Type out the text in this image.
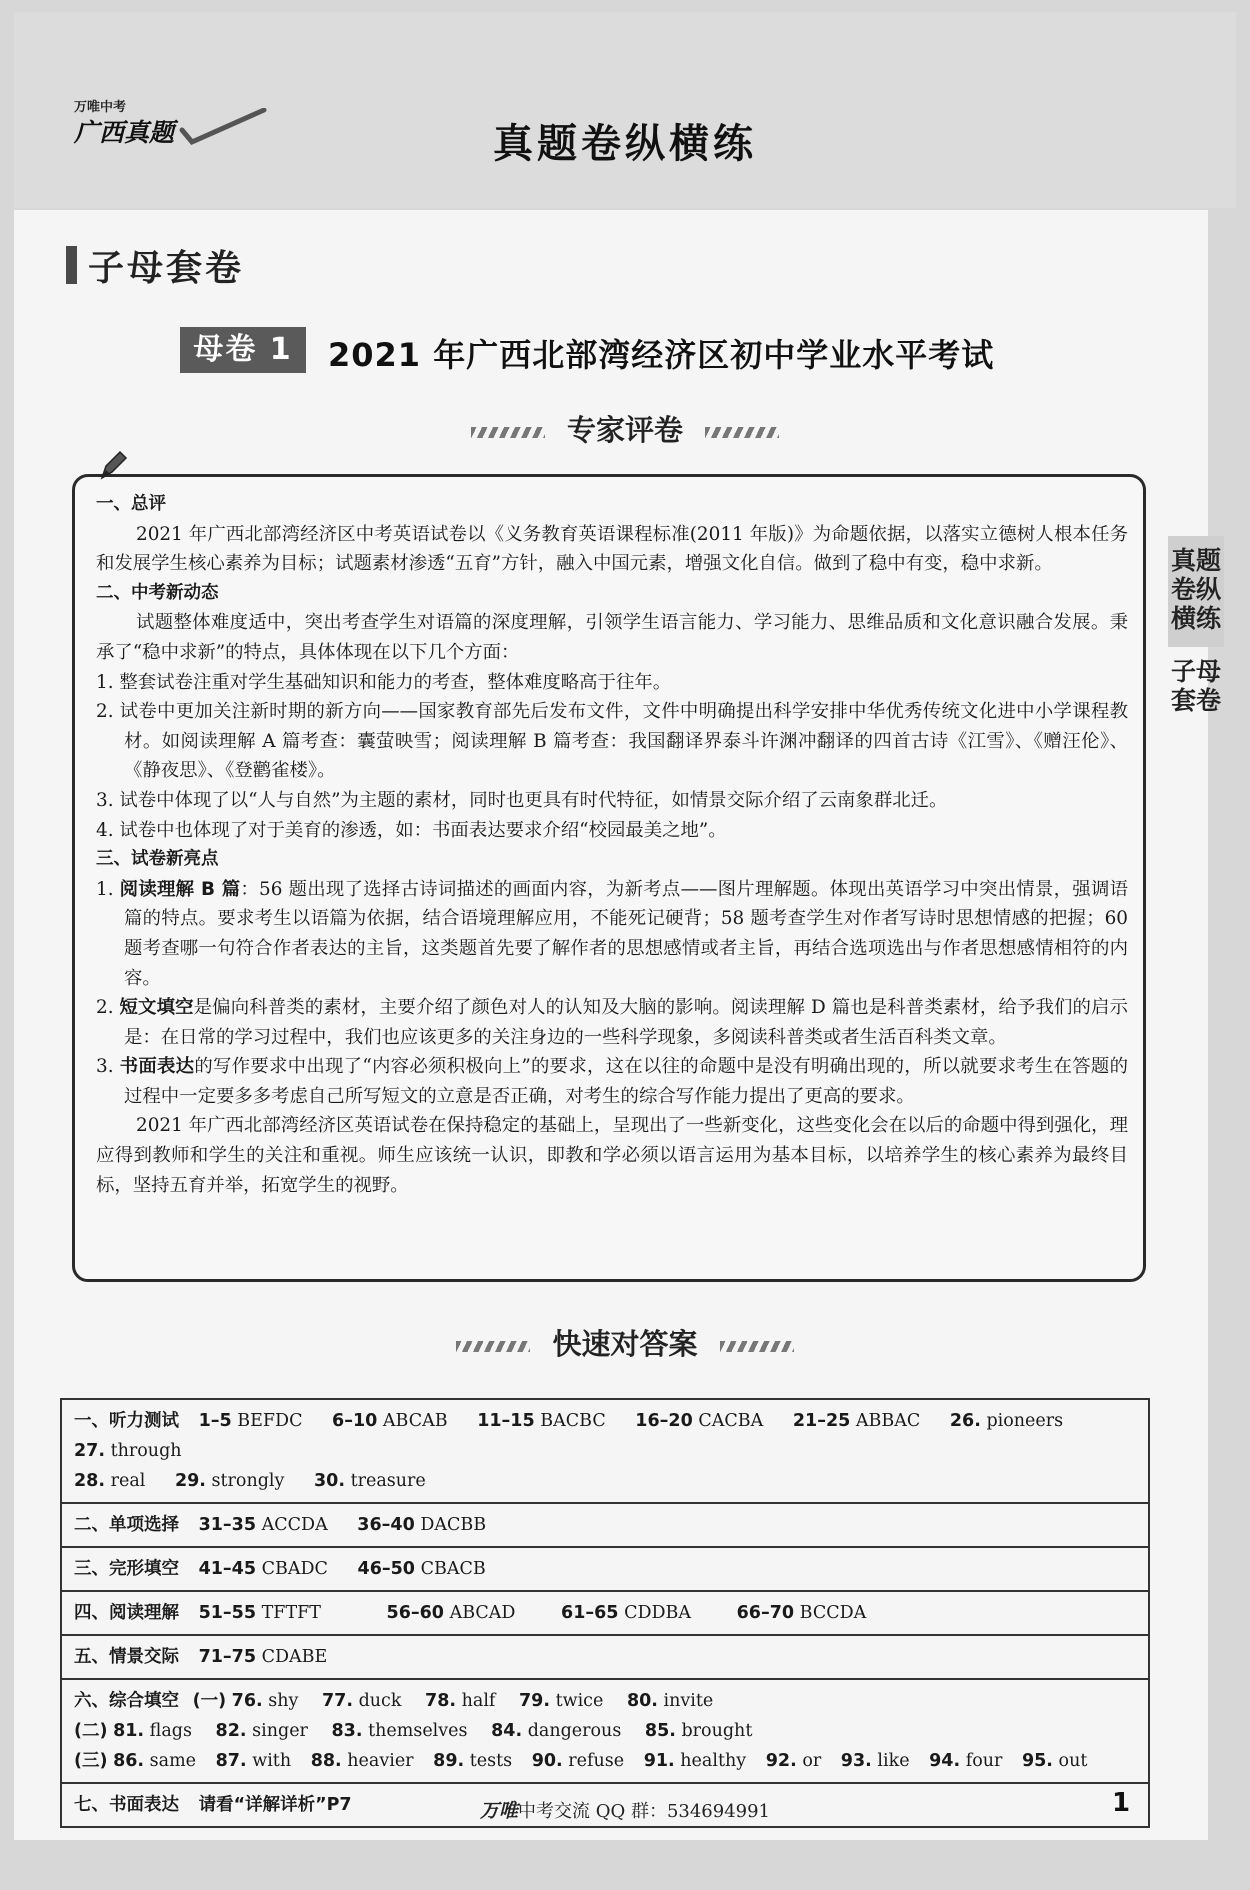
万唯中考
广西真题	真题卷纵横练
子母套卷
母卷 1	2021 年广西北部湾经济区初中学业水平考试
专家评卷

一、总评

2021 年广西北部湾经济区中考英语试卷以《义务教育英语课程标准(2011 年版)》为命题依据，以落实立德树人根本任务和发展学生核心素养为目标；试题素材渗透“五育”方针，融入中国元素，增强文化自信。做到了稳中有变，稳中求新。

二、中考新动态

试题整体难度适中，突出考查学生对语篇的深度理解，引领学生语言能力、学习能力、思维品质和文化意识融合发展。秉承了“稳中求新”的特点，具体体现在以下几个方面：

1. 整套试卷注重对学生基础知识和能力的考查，整体难度略高于往年。

2. 试卷中更加关注新时期的新方向——国家教育部先后发布文件，文件中明确提出科学安排中华优秀传统文化进中小学课程教材。如阅读理解 A 篇考查：囊萤映雪；阅读理解 B 篇考查：我国翻译界泰斗许渊冲翻译的四首古诗《江雪》、《赠汪伦》、《静夜思》、《登鹳雀楼》。

3. 试卷中体现了以“人与自然”为主题的素材，同时也更具有时代特征，如情景交际介绍了云南象群北迁。

4. 试卷中也体现了对于美育的渗透，如：书面表达要求介绍“校园最美之地”。

三、试卷新亮点

1. 阅读理解 B 篇：56 题出现了选择古诗词描述的画面内容，为新考点——图片理解题。体现出英语学习中突出情景，强调语篇的特点。要求考生以语篇为依据，结合语境理解应用，不能死记硬背；58 题考查学生对作者写诗时思想情感的把握；60 题考查哪一句符合作者表达的主旨，这类题首先要了解作者的思想感情或者主旨，再结合选项选出与作者思想感情相符的内容。

2. 短文填空是偏向科普类的素材，主要介绍了颜色对人的认知及大脑的影响。阅读理解 D 篇也是科普类素材，给予我们的启示是：在日常的学习过程中，我们也应该更多的关注身边的一些科学现象，多阅读科普类或者生活百科类文章。

3. 书面表达的写作要求中出现了“内容必须积极向上”的要求，这在以往的命题中是没有明确出现的，所以就要求考生在答题的过程中一定要多多考虑自己所写短文的立意是否正确，对考生的综合写作能力提出了更高的要求。

2021 年广西北部湾经济区英语试卷在保持稳定的基础上，呈现出了一些新变化，这些变化会在以后的命题中得到强化，理应得到教师和学生的关注和重视。师生应该统一认识，即教和学必须以语言运用为基本目标，以培养学生的核心素养为最终目标，坚持五育并举，拓宽学生的视野。

真题卷纵横练
子母套卷
快速对答案
一、听力测试 1–5 BEFDC 6–10 ABCAB 11–15 BACBC 16–20 CACBA 21–25 ABBAC 26. pioneers 27. through
28. real 29. strongly 30. treasure
二、单项选择 31–35 ACCDA 36–40 DACBB
三、完形填空 41–45 CBADC 46–50 CBACB
四、阅读理解 51–55 TFTFT	56–60 ABCAD	61–65 CDDBA	66–70 BCCDA
五、情景交际 71–75 CDABE
六、综合填空 (一) 76. shy 77. duck 78. half 79. twice 80. invite
(二) 81. flags 82. singer 83. themselves 84. dangerous 85. brought
(三) 86. same 87. with 88. heavier 89. tests 90. refuse 91. healthy 92. or 93. like 94. four 95. out
七、书面表达 请看“详解详析”P7	万唯中考交流 QQ 群：534694991	1
